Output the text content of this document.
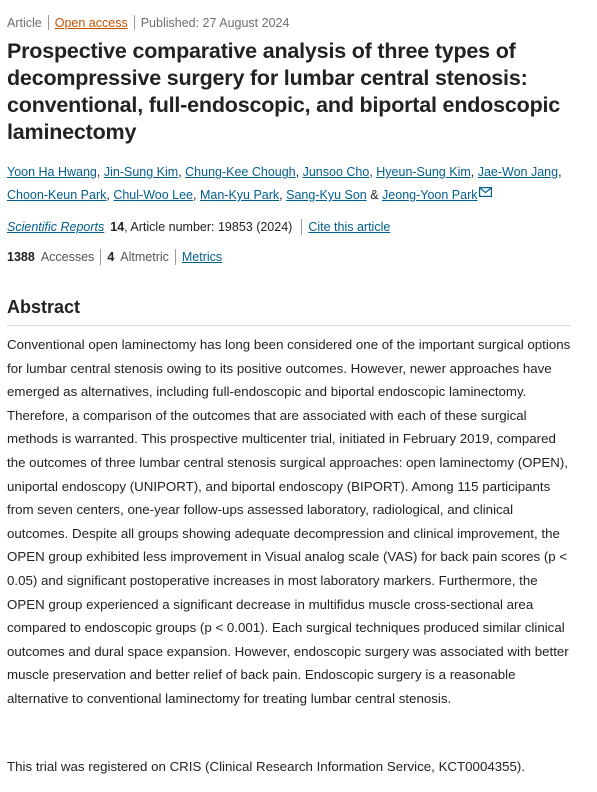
Article Open access Published: 27 August 2024
Prospective comparative analysis of three types of decompressive surgery for lumbar central stenosis: conventional, full-endoscopic, and biportal endoscopic laminectomy

Yoon Ha Hwang, Jin-Sung Kim, Chung-Kee Chough, Junsoo Cho, Hyeun-Sung Kim, Jae-Won Jang, Choon-Keun Park, Chul-Woo Lee, Man-Kyu Park, Sang-Kyu Son & Jeong-Yoon Park

Scientific Reports 14 , Article number: 19853 (2024) Cite this article
1388 Accesses 4 Altmetric Metrics
Abstract

Conventional open laminectomy has long been considered one of the important surgical options for lumbar central stenosis owing to its positive outcomes. However, newer approaches have emerged as alternatives, including full-endoscopic and biportal endoscopic laminectomy. Therefore, a comparison of the outcomes that are associated with each of these surgical methods is warranted. This prospective multicenter trial, initiated in February 2019, compared the outcomes of three lumbar central stenosis surgical approaches: open laminectomy (OPEN), uniportal endoscopy (UNIPORT), and biportal endoscopy (BIPORT). Among 115 participants from seven centers, one-year follow-ups assessed laboratory, radiological, and clinical outcomes. Despite all groups showing adequate decompression and clinical improvement, the OPEN group exhibited less improvement in Visual analog scale (VAS) for back pain scores (p < 0.05) and significant postoperative increases in most laboratory markers. Furthermore, the OPEN group experienced a significant decrease in multifidus muscle cross-sectional area compared to endoscopic groups (p < 0.001). Each surgical techniques produced similar clinical outcomes and dural space expansion. However, endoscopic surgery was associated with better muscle preservation and better relief of back pain. Endoscopic surgery is a reasonable alternative to conventional laminectomy for treating lumbar central stenosis.

This trial was registered on CRIS (Clinical Research Information Service, KCT0004355).
